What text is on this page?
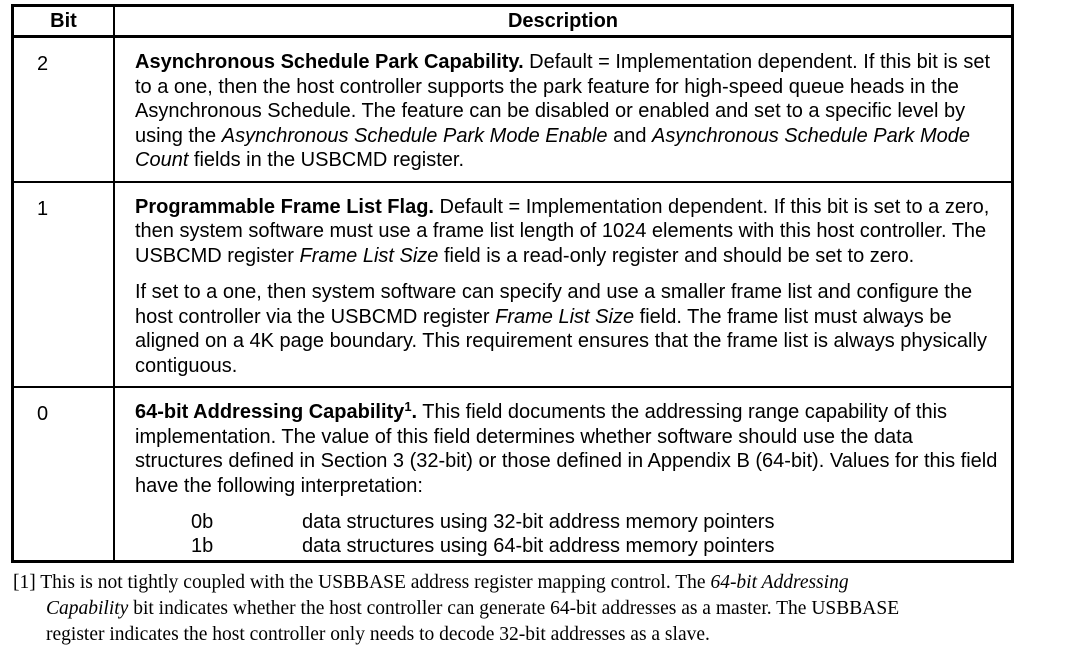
Bit	Description
2	Asynchronous Schedule Park Capability. Default = Implementation dependent. If this bit is set to a one, then the host controller supports the park feature for high-speed queue heads in the Asynchronous Schedule. The feature can be disabled or enabled and set to a specific level by using the Asynchronous Schedule Park Mode Enable and Asynchronous Schedule Park Mode Count fields in the USBCMD register.

1	Programmable Frame List Flag. Default = Implementation dependent. If this bit is set to a zero, then system software must use a frame list length of 1024 elements with this host controller. The USBCMD register Frame List Size field is a read-only register and should be set to zero.

If set to a one, then system software can specify and use a smaller frame list and configure the host controller via the USBCMD register Frame List Size field. The frame list must always be aligned on a 4K page boundary. This requirement ensures that the frame list is always physically contiguous.

0	64-bit Addressing Capability$^1$. This field documents the addressing range capability of this implementation. The value of this field determines whether software should use the data structures defined in Section 3 (32-bit) or those defined in Appendix B (64-bit). Values for this field have the following interpretation:

0b data structures using 32-bit address memory pointers
1b data structures using 64-bit address memory pointers
[1] This is not tightly coupled with the USBBASE address register mapping control. The 64-bit Addressing
Capability bit indicates whether the host controller can generate 64-bit addresses as a master. The USBBASE
register indicates the host controller only needs to decode 32-bit addresses as a slave.
